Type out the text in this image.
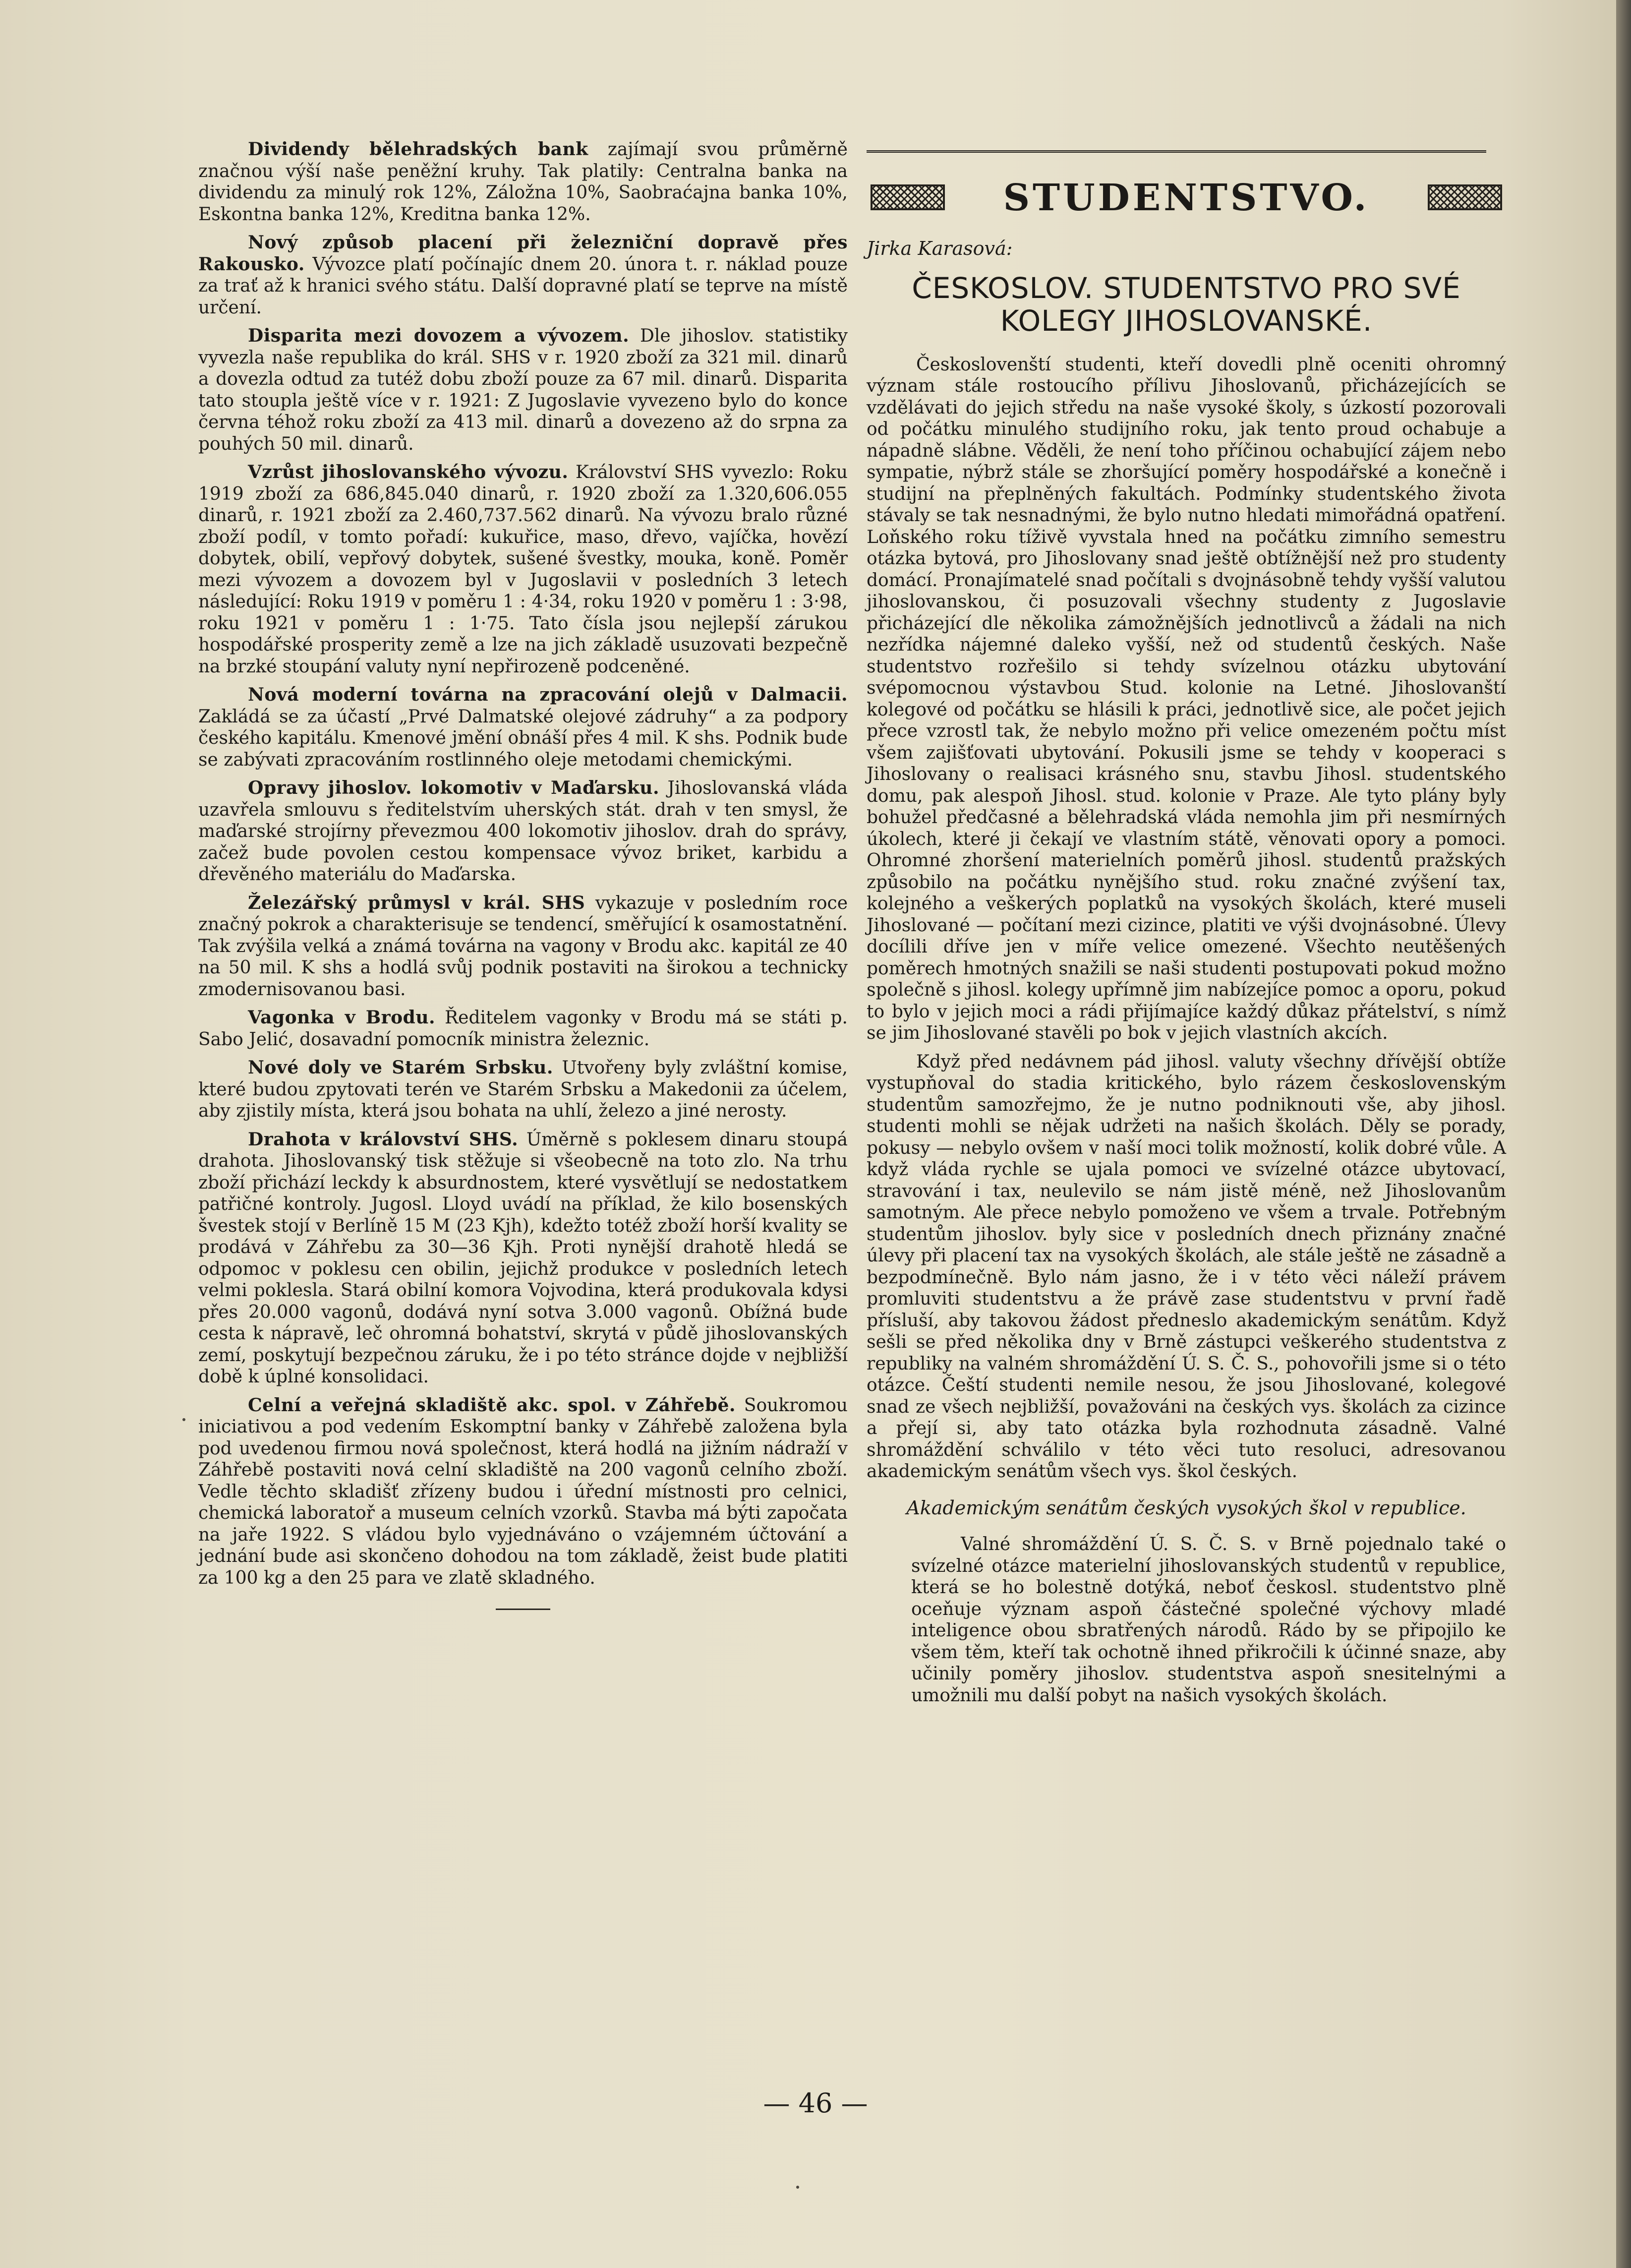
Dividendy bělehradských bank zajímají svou průměrně značnou výší naše peněžní kruhy. Tak platily: Centralna banka na dividendu za minulý rok 12%, Záložna 10%, Saobraćajna banka 10%, Eskontna banka 12%, Kreditna banka 12%.

Nový způsob placení při železniční dopravě přes Rakousko. Vývozce platí počínajíc dnem 20. února t. r. náklad pouze za trať až k hranici svého státu. Další dopravné platí se teprve na místě určení.

Disparita mezi dovozem a vývozem. Dle jihoslov. statistiky vyvezla naše republika do král. SHS v r. 1920 zboží za 321 mil. dinarů a dovezla odtud za tutéž dobu zboží pouze za 67 mil. dinarů. Disparita tato stoupla ještě více v r. 1921: Z Jugoslavie vyvezeno bylo do konce června téhož roku zboží za 413 mil. dinarů a dovezeno až do srpna za pouhých 50 mil. dinarů.

Vzrůst jihoslovanského vývozu. Království SHS vyvezlo: Roku 1919 zboží za 686,845.040 dinarů, r. 1920 zboží za 1.320,606.055 dinarů, r. 1921 zboží za 2.460,737.562 dinarů. Na vývozu bralo různé zboží podíl, v tomto pořadí: kukuřice, maso, dřevo, vajíčka, hovězí dobytek, obilí, vepřový dobytek, sušené švestky, mouka, koně. Poměr mezi vývozem a dovozem byl v Jugoslavii v posledních 3 letech následující: Roku 1919 v poměru 1 : 4·34, roku 1920 v poměru 1 : 3·98, roku 1921 v poměru 1 : 1·75. Tato čísla jsou nejlepší zárukou hospodářské prosperity země a lze na jich základě usuzovati bezpečně na brzké stoupání valuty nyní nepřirozeně podceněné.

Nová moderní továrna na zpracování olejů v Dalmacii. Zakládá se za účastí „Prvé Dalmatské olejové zádruhy“ a za podpory českého kapitálu. Kmenové jmění obnáší přes 4 mil. K shs. Podnik bude se zabývati zpracováním rostlinného oleje metodami chemickými.

Opravy jihoslov. lokomotiv v Maďarsku. Jihoslovanská vláda uzavřela smlouvu s ředitelstvím uherských stát. drah v ten smysl, že maďarské strojírny převezmou 400 lokomotiv jihoslov. drah do správy, začež bude povolen cestou kompensace vývoz briket, karbidu a dřevěného materiálu do Maďarska.

Železářský průmysl v král. SHS vykazuje v posledním roce značný pokrok a charakterisuje se tendencí, směřující k osamostatnění. Tak zvýšila velká a známá továrna na vagony v Brodu akc. kapitál ze 40 na 50 mil. K shs a hodlá svůj podnik postaviti na širokou a technicky zmodernisovanou basi.

Vagonka v Brodu. Ředitelem vagonky v Brodu má se státi p. Sabo Jelić, dosavadní pomocník ministra železnic.

Nové doly ve Starém Srbsku. Utvořeny byly zvláštní komise, které budou zpytovati terén ve Starém Srbsku a Makedonii za účelem, aby zjistily místa, která jsou bohata na uhlí, železo a jiné nerosty.

Drahota v království SHS. Úměrně s poklesem dinaru stoupá drahota. Jihoslovanský tisk stěžuje si všeobecně na toto zlo. Na trhu zboží přichází leckdy k absurdnostem, které vysvětlují se nedostatkem patřičné kontroly. Jugosl. Lloyd uvádí na příklad, že kilo bosenských švestek stojí v Berlíně 15 M (23 Kjh), kdežto totéž zboží horší kvality se prodává v Záhřebu za 30—36 Kjh. Proti nynější drahotě hledá se odpomoc v poklesu cen obilin, jejichž produkce v posledních letech velmi poklesla. Stará obilní komora Vojvodina, která produkovala kdysi přes 20.000 vagonů, dodává nyní sotva 3.000 vagonů. Obížná bude cesta k nápravě, leč ohromná bohatství, skrytá v půdě jihoslovanských zemí, poskytují bezpečnou záruku, že i po této stránce dojde v nejbližší době k úplné konsolidaci.

Celní a veřejná skladiště akc. spol. v Záhřebě. Soukromou iniciativou a pod vedením Eskomptní banky v Záhřebě založena byla pod uvedenou firmou nová společnost, která hodlá na jižním nádraží v Záhřebě postaviti nová celní skladiště na 200 vagonů celního zboží. Vedle těchto skladišť zřízeny budou i úřední místnosti pro celnici, chemická laboratoř a museum celních vzorků. Stavba má býti započata na jaře 1922. S vládou bylo vyjednáváno o vzájemném účtování a jednání bude asi skončeno dohodou na tom základě, žeist bude platiti za 100 kg a den 25 para ve zlatě skladného.

STUDENTSTVO.
Jirka Karasová:
ČESKOSLOV. STUDENTSTVO PRO SVÉ KOLEGY JIHOSLOVANSKÉ.

Českoslovenští studenti, kteří dovedli plně oceniti ohromný význam stále rostoucího přílivu Jihoslovanů, přicházejících se vzdělávati do jejich středu na naše vysoké školy, s úzkostí pozorovali od počátku minulého studijního roku, jak tento proud ochabuje a nápadně slábne. Věděli, že není toho příčinou ochabující zájem nebo sympatie, nýbrž stále se zhoršující poměry hospodářské a konečně i studijní na přeplněných fakultách. Podmínky studentského života stávaly se tak nesnadnými, že bylo nutno hledati mimořádná opatření. Loňského roku tíživě vyvstala hned na počátku zimního semestru otázka bytová, pro Jihoslovany snad ještě obtížnější než pro studenty domácí. Pronajímatelé snad počítali s dvojnásobně tehdy vyšší valutou jihoslovanskou, či posuzovali všechny studenty z Jugoslavie přicházející dle několika zámožnějších jednotlivců a žádali na nich nezřídka nájemné daleko vyšší, než od studentů českých. Naše studentstvo rozřešilo si tehdy svízelnou otázku ubytování svépomocnou výstavbou Stud. kolonie na Letné. Jihoslovanští kolegové od počátku se hlásili k práci, jednotlivě sice, ale počet jejich přece vzrostl tak, že nebylo možno při velice omezeném počtu míst všem zajišťovati ubytování. Pokusili jsme se tehdy v kooperaci s Jihoslovany o realisaci krásného snu, stavbu Jihosl. studentského domu, pak alespoň Jihosl. stud. kolonie v Praze. Ale tyto plány byly bohužel předčasné a bělehradská vláda nemohla jim při nesmírných úkolech, které ji čekají ve vlastním státě, věnovati opory a pomoci. Ohromné zhoršení materielních poměrů jihosl. studentů pražských způsobilo na počátku nynějšího stud. roku značné zvýšení tax, kolejného a veškerých poplatků na vysokých školách, které museli Jihoslované — počítaní mezi cizince, platiti ve výši dvojnásobné. Úlevy docílili dříve jen v míře velice omezené. Všechto neutěšených poměrech hmotných snažili se naši studenti postupovati pokud možno společně s jihosl. kolegy upřímně jim nabízejíce pomoc a oporu, pokud to bylo v jejich moci a rádi přijímajíce každý důkaz přátelství, s nímž se jim Jihoslované stavěli po bok v jejich vlastních akcích.

Když před nedávnem pád jihosl. valuty všechny dřívější obtíže vystupňoval do stadia kritického, bylo rázem československým studentům samozřejmo, že je nutno podniknouti vše, aby jihosl. studenti mohli se nějak udržeti na našich školách. Děly se porady, pokusy — nebylo ovšem v naší moci tolik možností, kolik dobré vůle. A když vláda rychle se ujala pomoci ve svízelné otázce ubytovací, stravování i tax, neulevilo se nám jistě méně, než Jihoslovanům samotným. Ale přece nebylo pomoženo ve všem a trvale. Potřebným studentům jihoslov. byly sice v posledních dnech přiznány značné úlevy při placení tax na vysokých školách, ale stále ještě ne zásadně a bezpodmínečně. Bylo nám jasno, že i v této věci náleží právem promluviti studentstvu a že právě zase studentstvu v první řadě přísluší, aby takovou žádost předneslo akademickým senátům. Když sešli se před několika dny v Brně zástupci veškerého studentstva z republiky na valném shromáždění Ú. S. Č. S., pohovořili jsme si o této otázce. Čeští studenti nemile nesou, že jsou Jihoslované, kolegové snad ze všech nejbližší, považováni na českých vys. školách za cizince a přejí si, aby tato otázka byla rozhodnuta zásadně. Valné shromáždění schválilo v této věci tuto resoluci, adresovanou akademickým senátům všech vys. škol českých.

Akademickým senátům českých vysokých škol v republice.

Valné shromáždění Ú. S. Č. S. v Brně pojednalo také o svízelné otázce materielní jihoslovanských studentů v republice, která se ho bolestně dotýká, neboť českosl. studentstvo plně oceňuje význam aspoň částečné společné výchovy mladé inteligence obou sbratřených národů. Rádo by se připojilo ke všem těm, kteří tak ochotně ihned přikročili k účinné snaze, aby učinily poměry jihoslov. studentstva aspoň snesitelnými a umožnili mu další pobyt na našich vysokých školách.

— 46 —
